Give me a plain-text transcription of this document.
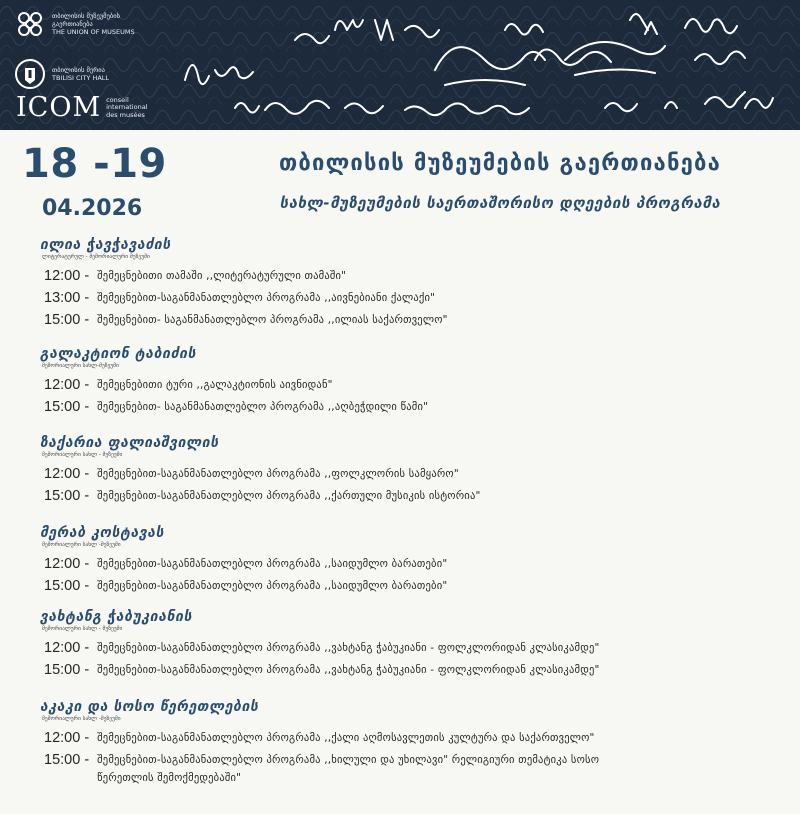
თბილისის მუზეუმების
გაერთიანება
THE UNION OF MUSEUMS
თბილისის მერია
TBILISI CITY HALL
ICOM conseil
international
des musées
18 -19
04.2026
თბილისის მუზეუმების გაერთიანება
სახლ-მუზეუმების საერთაშორისო დღეების პროგრამა
ილია ჭავჭავაძის
ლიტერატურულ - მემორიალური მუზეუმი
12:00 - შემეცნებითი თამაში ,,ლიტერატურული თამაში"
13:00 - შემეცნებით-საგანმანათლებლო პროგრამა ,,აივნებიანი ქალაქი"
15:00 - შემეცნებით- საგანმანათლებლო პროგრამა ,,ილიას საქართველო"
გალაკტიონ ტაბიძის
მემორიალური სახლ-მუზეუმი
12:00 - შემეცნებითი ტური ,,გალაკტიონის აივნიდან"
15:00 - შემეცნებით- საგანმანათლებლო პროგრამა ,,აღბეჭდილი წამი"
ზაქარია ფალიაშვილის
მემორიალური სახლ - მუზეუმი
12:00 - შემეცნებით-საგანმანათლებლო პროგრამა ,,ფოლკლორის სამყარო"
15:00 - შემეცნებით-საგანმანათლებლო პროგრამა ,,ქართული მუსიკის ისტორია"
მერაბ კოსტავას
მემორიალური სახლ -მუზეუმი
12:00 - შემეცნებით-საგანმანათლებლო პროგრამა ,,საიდუმლო ბარათები"
15:00 - შემეცნებით-საგანმანათლებლო პროგრამა ,,საიდუმლო ბარათები"
ვახტანგ ჭაბუკიანის
მემორიალური სახლ - მუზეუმი
12:00 - შემეცნებით-საგანმანათლებლო პროგრამა ,,ვახტანგ ჭაბუკიანი - ფოლკლორიდან კლასიკამდე"
15:00 - შემეცნებით-საგანმანათლებლო პროგრამა ,,ვახტანგ ჭაბუკიანი - ფოლკლორიდან კლასიკამდე"
აკაკი და სოსო წერეთლების
მემორიალური სახლ -მუზეუმი
12:00 - შემეცნებით-საგანმანათლებლო პროგრამა ,,ქალი აღმოსავლეთის კულტურა და საქართველო"
15:00 - შემეცნებით-საგანმანათლებლო პროგრამა ,,ხილული და უხილავი" რელიგიური თემატიკა სოსო წერეთლის შემოქმედებაში"
